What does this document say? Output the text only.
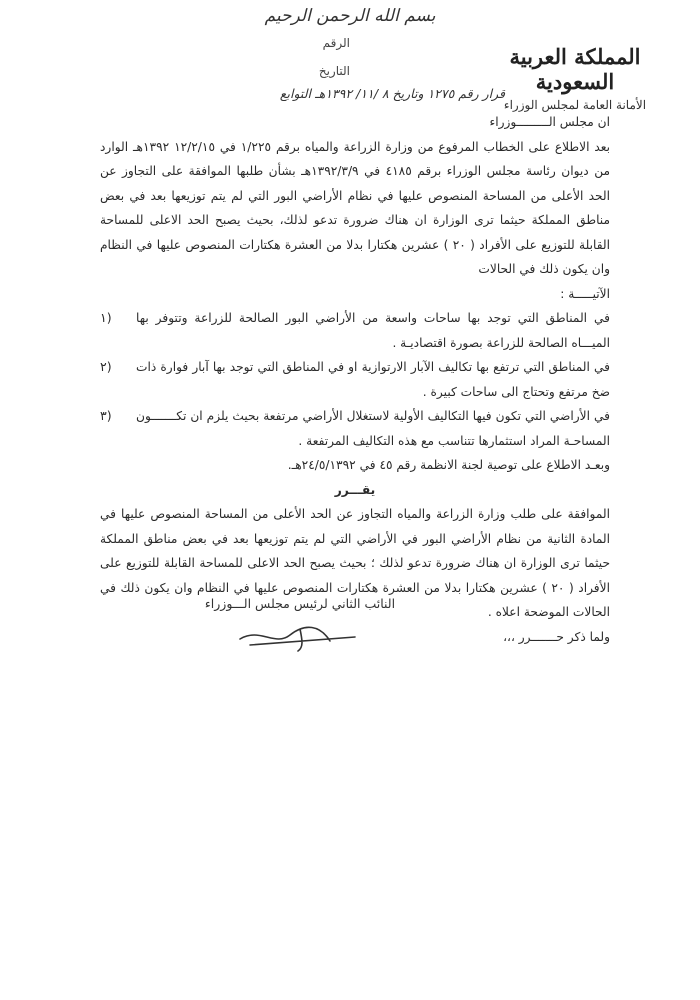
بسم الله الرحمن الرحيم
المملكة العربية السعودية
الأمانة العامة لمجلس الوزراء
الرقم
التاريخ
قرار رقم ١٢٧٥ وتاريخ ٨ /١١/ ١٣٩٢هـ التوابع

ان مجلس الـــــــــوزراء

بعد الاطلاع على الخطاب المرفوع من وزارة الزراعة والمياه برقم ١/٢٢٥ في ١٢/٢/١٥ ١٣٩٢هـ الوارد من ديوان رئاسة مجلس الوزراء برقم ٤١٨٥ في ١٣٩٢/٣/٩هـ بشأن طلبها الموافقة على التجاوز عن الحد الأعلى من المساحة المنصوص عليها في نظام الأراضي البور التي لم يتم توزيعها بعد في بعض مناطق المملكة حيثما ترى الوزارة ان هناك ضرورة تدعو لذلك، بحيث يصبح الحد الاعلى للمساحة القابلة للتوزيع على الأفراد ( ٢٠ ) عشرين هكتارا بدلا من العشرة هكتارات المنصوص عليها في النظام وان يكون ذلك في الحالات

الآتيـــــة :

١) في المناطق التي توجد بها ساحات واسعة من الأراضي البور الصالحة للزراعة وتتوفر بها الميـــاه الصالحة للزراعة بصورة اقتصاديـة .

٢) في المناطق التي ترتفع بها تكاليف الآبار الارتوازية او في المناطق التي توجد بها آبار فوارة ذات ضخ مرتفع وتحتاج الى ساحات كبيرة .

٣) في الأراضي التي تكون فيها التكاليف الأولية لاستغلال الأراضي مرتفعة بحيث يلزم ان تكـــــــون المساحـة المراد استثمارها تتناسب مع هذه التكاليف المرتفعة .

وبعـد الاطلاع على توصية لجنة الانظمة رقم ٤٥ في ٢٤/٥/١٣٩٢هـ.

يقـــرر

الموافقة على طلب وزارة الزراعة والمياه التجاوز عن الحد الأعلى من المساحة المنصوص عليها في المادة الثانية من نظام الأراضي البور في الأراضي التي لم يتم توزيعها بعد في بعض مناطق المملكة حيثما ترى الوزارة ان هناك ضرورة تدعو لذلك ؛ بحيث يصبح الحد الاعلى للمساحة القابلة للتوزيع على الأفراد ( ٢٠ ) عشرين هكتارا بدلا من العشرة هكتارات المنصوص عليها في النظام وان يكون ذلك في الحالات الموضحة اعلاه .

ولما ذكر حـــــــرر ،،،

النائب الثاني لرئيس مجلس الـــوزراء
